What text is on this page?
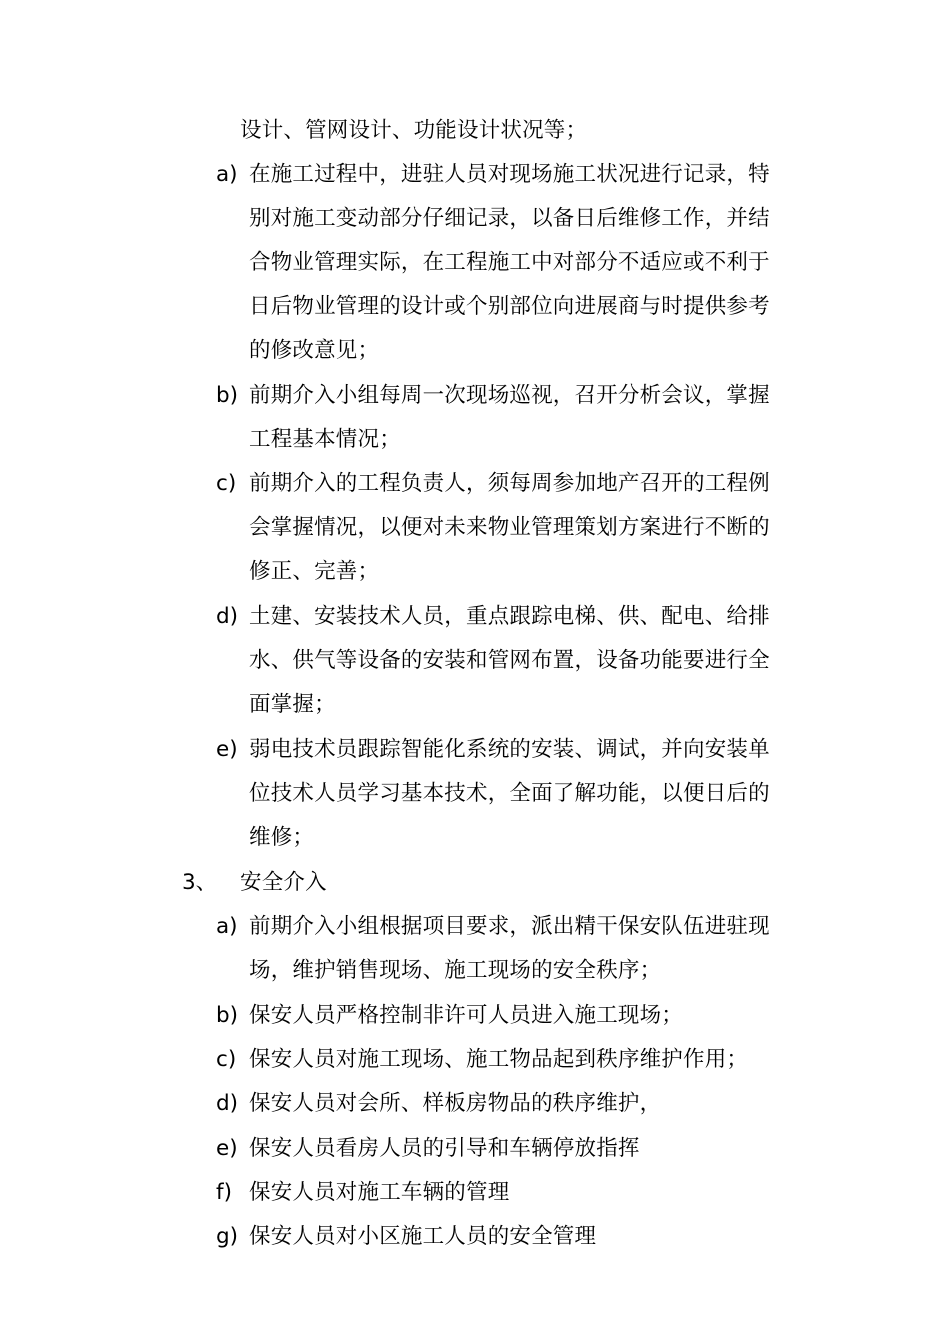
设计、管网设计、功能设计状况等；
a) 在施工过程中，进驻人员对现场施工状况进行记录，特
别对施工变动部分仔细记录，以备日后维修工作，并结
合物业管理实际，在工程施工中对部分不适应或不利于
日后物业管理的设计或个别部位向进展商与时提供参考
的修改意见；
b) 前期介入小组每周一次现场巡视，召开分析会议，掌握
工程基本情况；
c) 前期介入的工程负责人，须每周参加地产召开的工程例
会掌握情况，以便对未来物业管理策划方案进行不断的
修正、完善；
d) 土建、安装技术人员，重点跟踪电梯、供、配电、给排
水、供气等设备的安装和管网布置，设备功能要进行全
面掌握；
e) 弱电技术员跟踪智能化系统的安装、调试，并向安装单
位技术人员学习基本技术，全面了解功能，以便日后的
维修；
3、 安全介入
a) 前期介入小组根据项目要求，派出精干保安队伍进驻现
场，维护销售现场、施工现场的安全秩序；
b) 保安人员严格控制非许可人员进入施工现场；
c) 保安人员对施工现场、施工物品起到秩序维护作用；
d) 保安人员对会所、样板房物品的秩序维护，
e) 保安人员看房人员的引导和车辆停放指挥
f) 保安人员对施工车辆的管理
g) 保安人员对小区施工人员的安全管理
